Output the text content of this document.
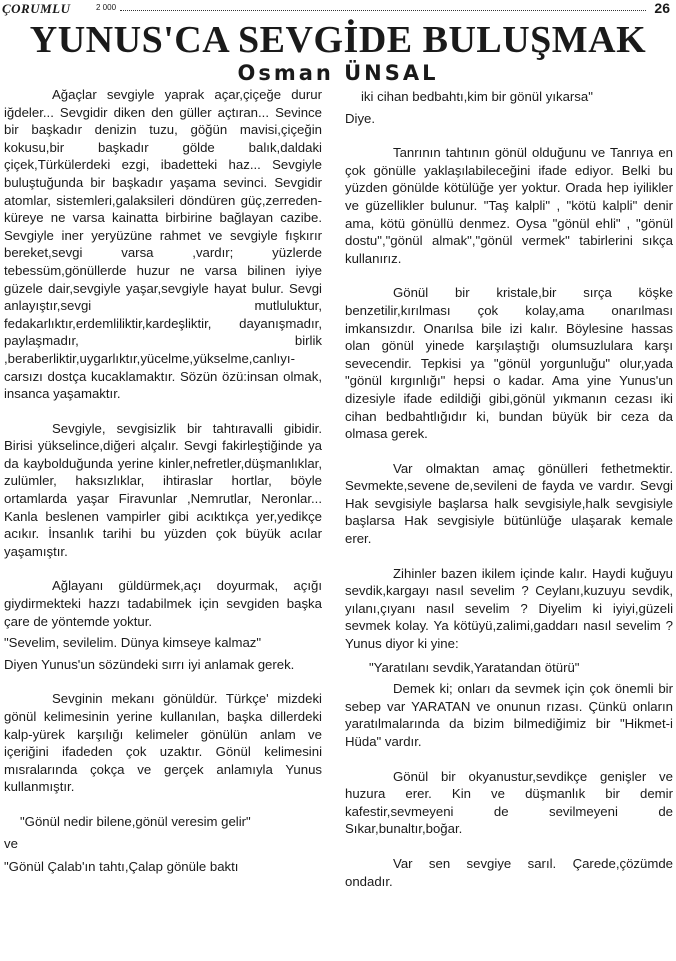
ÇORUMLU	2 000	26
YUNUS'CA SEVGİDE BULUŞMAK
Osman ÜNSAL

Ağaçlar sevgiyle yaprak açar,çiçeğe durur iğdeler... Sevgidir diken den güller açtıran... Sevince bir başkadır denizin tuzu, göğün mavisi,çiçeğin kokusu,bir başkadır gölde balık,daldaki çiçek,Türkülerdeki ezgi, ibadetteki haz... Sevgiyle buluştuğunda bir başkadır yaşama sevinci. Sevgidir atomlar, sistemleri,galaksileri döndüren güç,zerreden-küreye ne varsa kainatta birbirine bağlayan cazibe. Sevgiyle iner yeryüzüne rahmet ve sevgiyle fışkırır bereket,sevgi varsa ,vardır; yüzlerde tebessüm,gönüllerde huzur ne varsa bilinen iyiye güzele dair,sevgiyle yaşar,sevgiyle hayat bulur. Sevgi anlayıştır,sevgi mutluluktur, fedakarlıktır,erdemliliktir,kardeşliktir, dayanışmadır, paylaşmadır, birlik ,beraberliktir,uygarlıktır,yücelme,yükselme,canlıyı-carsızı dostça kucaklamaktır. Sözün özü:insan olmak, insanca yaşamaktır.

Sevgiyle, sevgisizlik bir tahtıravalli gibidir. Birisi yükselince,diğeri alçalır. Sevgi fakirleştiğinde ya da kaybolduğunda yerine kinler,nefretler,düşmanlıklar, zulümler, haksızlıklar, ihtiraslar hortlar, böyle ortamlarda yaşar Firavunlar ,Nemrutlar, Neronlar... Kanla beslenen vampirler gibi acıktıkça yer,yedikçe acıkır. İnsanlık tarihi bu yüzden çok büyük acılar yaşamıştır.

Ağlayanı güldürmek,açı doyurmak, açığı giydirmekteki hazzı tadabilmek için sevgiden başka çare de yöntemde yoktur.

"Sevelim, sevilelim. Dünya kimseye kalmaz"

Diyen Yunus'un sözündeki sırrı iyi anlamak gerek.

Sevginin mekanı gönüldür. Türkçe' mizdeki gönül kelimesinin yerine kullanılan, başka dillerdeki kalp-yürek karşılığı kelimeler gönülün anlam ve içeriğini ifadeden çok uzaktır. Gönül kelimesini mısralarında çokça ve gerçek anlamıyla Yunus kullanmıştır.

"Gönül nedir bilene,gönül veresim gelir"

ve

"Gönül Çalab'ın tahtı,Çalap gönüle baktı

iki cihan bedbahtı,kim bir gönül yıkarsa"

Diye.

Tanrının tahtının gönül olduğunu ve Tanrıya en çok gönülle yaklaşılabileceğini ifade ediyor. Belki bu yüzden gönülde kötülüğe yer yoktur. Orada hep iyilikler ve güzellikler bulunur. "Taş kalpli" , "kötü kalpli" denir ama, kötü gönüllü denmez. Oysa "gönül ehli" , "gönül dostu","gönül almak","gönül vermek" tabirlerini sıkça kullanırız.

Gönül bir kristale,bir sırça köşke benzetilir,kırılması çok kolay,ama onarılması imkansızdır. Onarılsa bile izi kalır. Böylesine hassas olan gönül yinede karşılaştığı olumsuzlulara karşı sevecendir. Tepkisi ya "gönül yorgunluğu" olur,yada "gönül kırgınlığı" hepsi o kadar. Ama yine Yunus'un dizesiyle ifade edildiği gibi,gönül yıkmanın cezası iki cihan bedbahtlığıdır ki, bundan büyük bir ceza da olmasa gerek.

Var olmaktan amaç gönülleri fethetmektir. Sevmekte,sevene de,sevileni de fayda ve vardır. Sevgi Hak sevgisiyle başlarsa halk sevgisiyle,halk sevgisiyle başlarsa Hak sevgisiyle bütünlüğe ulaşarak kemale erer.

Zihinler bazen ikilem içinde kalır. Haydi kuğuyu sevdik,kargayı nasıl sevelim ? Ceylanı,kuzuyu sevdik, yılanı,çıyanı nasıl sevelim ? Diyelim ki iyiyi,güzeli sevmek kolay. Ya kötüyü,zalimi,gaddarı nasıl sevelim ? Yunus diyor ki yine:

"Yaratılanı sevdik,Yaratandan ötürü"

Demek ki; onları da sevmek için çok önemli bir sebep var YARATAN ve onunun rızası. Çünkü onların yaratılmalarında da bizim bilmediğimiz bir "Hikmet-i Hüda" vardır.

Gönül bir okyanustur,sevdikçe genişler ve huzura erer. Kin ve düşmanlık bir demir kafestir,sevmeyeni de sevilmeyeni de Sıkar,bunaltır,boğar.

Var sen sevgiye sarıl. Çarede,çözümde ondadır.
